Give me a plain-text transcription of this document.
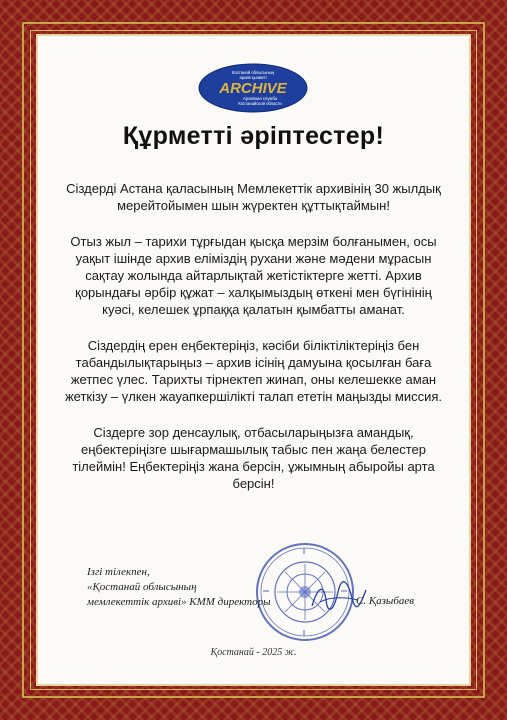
Костанай облысының
архив қызметі
ARCHIVE
Архивная служба
Костанайской области
Құрметті әріптестер!

Сіздерді Астана қаласының Мемлекеттік архивінің 30 жылдық мерейтойымен шын жүректен құттықтаймын!

Отыз жыл – тарихи тұрғыдан қысқа мерзім болғанымен, осы уақыт ішінде архив еліміздің рухани және мәдени мұрасын сақтау жолында айтарлықтай жетістіктерге жетті. Архив қорындағы әрбір құжат – халқымыздың өткені мен бүгінінің куәсі, келешек ұрпаққа қалатын қымбатты аманат.

Сіздердің ерен еңбектеріңіз, кәсіби біліктіліктеріңіз бен табандылықтарыңыз – архив ісінің дамуына қосылған баға жетпес үлес. Тарихты тірнектеп жинап, оны келешекке аман жеткізу – үлкен жауапкершілікті талап ететін маңызды миссия.

Сіздерге зор денсаулық, отбасыларыңызға амандық, еңбектеріңізге шығармашылық табыс пен жаңа белестер тілеймін! Еңбектеріңіз жана берсін, ұжымның абыройы арта берсін!

Ізгі тілекпен,
«Қостанай облысының
мемлекеттік архиві» КММ директоры	С. Қазыбаев
Қостанай - 2025 ж.
